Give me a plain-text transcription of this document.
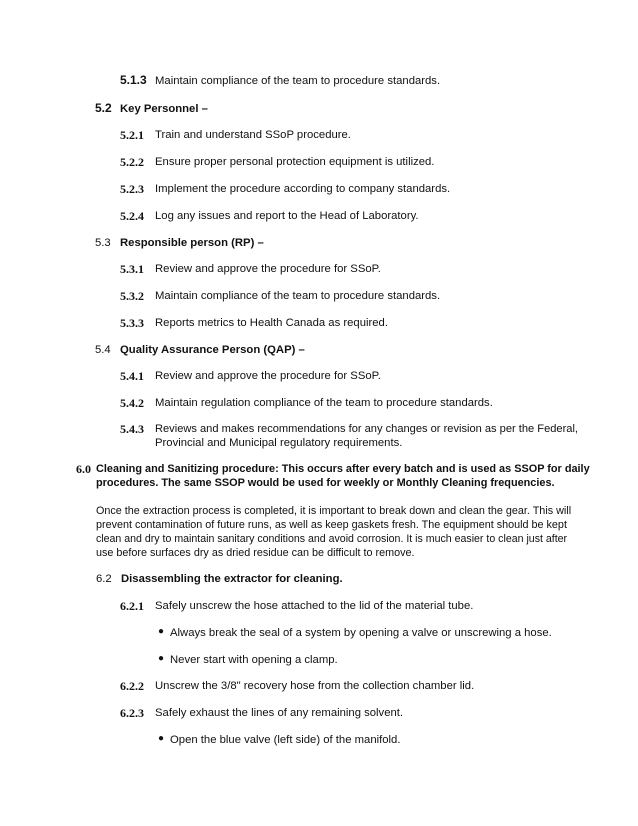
5.1.3 Maintain compliance of the team to procedure standards.
5.2 Key Personnel –
5.2.1 Train and understand SSoP procedure.
5.2.2 Ensure proper personal protection equipment is utilized.
5.2.3 Implement the procedure according to company standards.
5.2.4 Log any issues and report to the Head of Laboratory.
5.3 Responsible person (RP) –
5.3.1 Review and approve the procedure for SSoP.
5.3.2 Maintain compliance of the team to procedure standards.
5.3.3 Reports metrics to Health Canada as required.
5.4 Quality Assurance Person (QAP) –
5.4.1 Review and approve the procedure for SSoP.
5.4.2 Maintain regulation compliance of the team to procedure standards.
5.4.3 Reviews and makes recommendations for any changes or revision as per the Federal,
Provincial and Municipal regulatory requirements.
6.0 Cleaning and Sanitizing procedure: This occurs after every batch and is used as SSOP for daily
procedures. The same SSOP would be used for weekly or Monthly Cleaning frequencies.
Once the extraction process is completed, it is important to break down and clean the gear. This will
prevent contamination of future runs, as well as keep gaskets fresh. The equipment should be kept
clean and dry to maintain sanitary conditions and avoid corrosion. It is much easier to clean just after
use before surfaces dry as dried residue can be difficult to remove.
6.2 Disassembling the extractor for cleaning.
6.2.1 Safely unscrew the hose attached to the lid of the material tube.
● Always break the seal of a system by opening a valve or unscrewing a hose.
● Never start with opening a clamp.
6.2.2 Unscrew the 3/8" recovery hose from the collection chamber lid.
6.2.3 Safely exhaust the lines of any remaining solvent.
● Open the blue valve (left side) of the manifold.
